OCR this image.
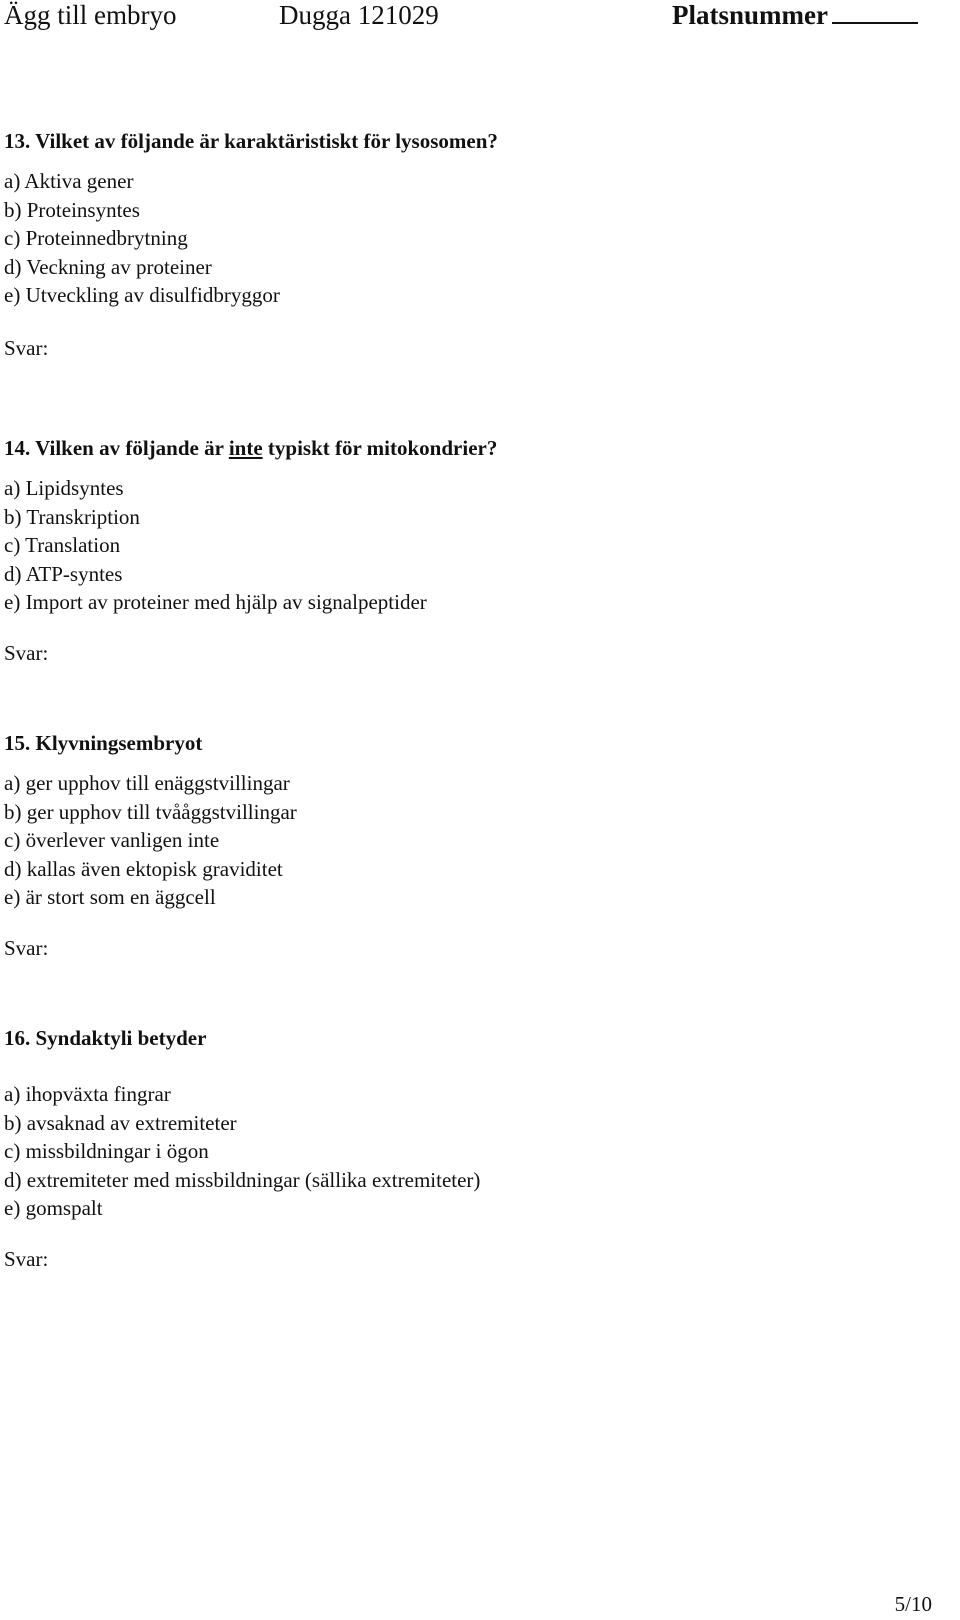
Ägg till embryo	Dugga 121029	Platsnummer

13. Vilket av följande är karaktäristiskt för lysosomen?

a) Aktiva gener
b) Proteinsyntes
c) Proteinnedbrytning
d) Veckning av proteiner
e) Utveckling av disulfidbryggor
Svar:

14. Vilken av följande är inte typiskt för mitokondrier?

a) Lipidsyntes
b) Transkription
c) Translation
d) ATP-syntes
e) Import av proteiner med hjälp av signalpeptider
Svar:

15. Klyvningsembryot

a) ger upphov till enäggstvillingar
b) ger upphov till tvååggstvillingar
c) överlever vanligen inte
d) kallas även ektopisk graviditet
e) är stort som en äggcell
Svar:

16. Syndaktyli betyder

a) ihopväxta fingrar
b) avsaknad av extremiteter
c) missbildningar i ögon
d) extremiteter med missbildningar (sällika extremiteter)
e) gomspalt
Svar:
5/10
